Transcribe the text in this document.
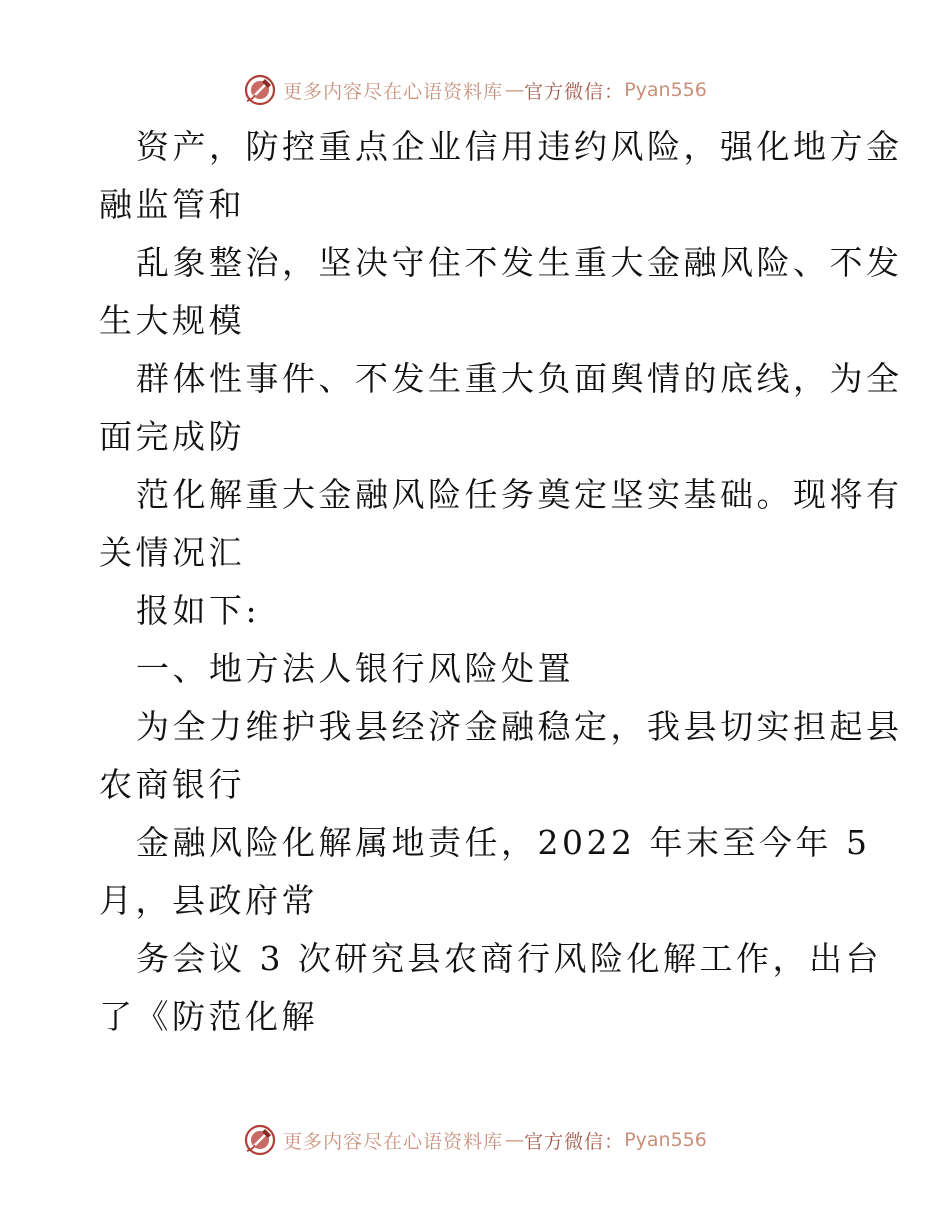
更多内容尽在心语资料库 — 官方微信： Pyan556
资产，防控重点企业信用违约风险，强化地方金
融监管和
乱象整治，坚决守住不发生重大金融风险、不发
生大规模
群体性事件、不发生重大负面舆情的底线，为全
面完成防
范化解重大金融风险任务奠定坚实基础。现将有
关情况汇
报如下:
一、地方法人银行风险处置
为全力维护我县经济金融稳定，我县切实担起县
农商银行
金融风险化解属地责任，2022 年末至今年 5
月，县政府常
务会议 3 次研究县农商行风险化解工作，出台
了《防范化解
更多内容尽在心语资料库 — 官方微信： Pyan556
